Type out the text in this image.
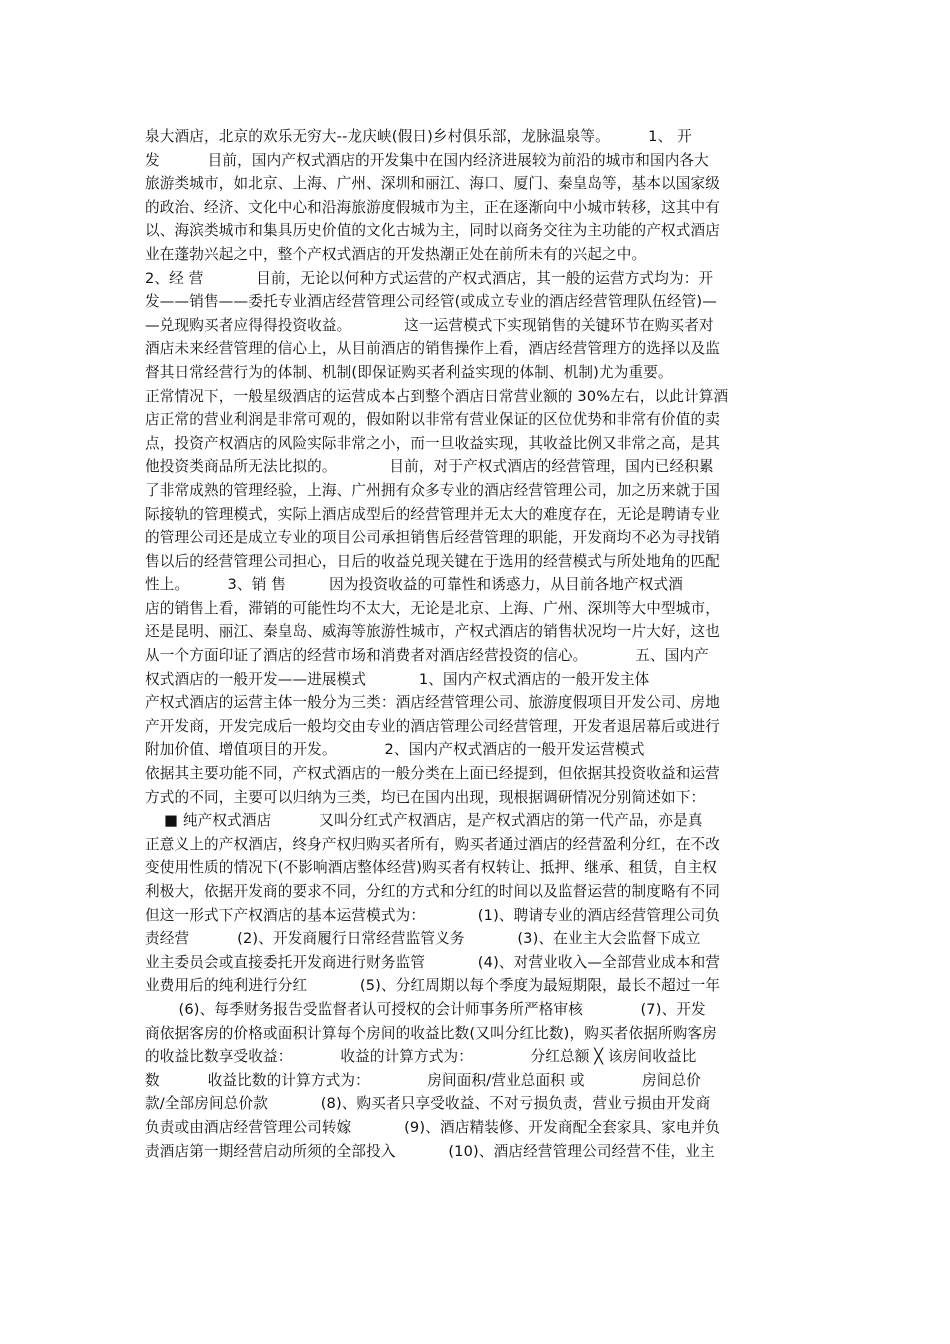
泉大酒店，北京的欢乐无穷大--龙庆峡(假日)乡村俱乐部，龙脉温泉等。        1、 开
发          目前，国内产权式酒店的开发集中在国内经济进展较为前沿的城市和国内各大
旅游类城市，如北京、上海、广州、深圳和丽江、海口、厦门、秦皇岛等，基本以国家级
的政治、经济、文化中心和沿海旅游度假城市为主，正在逐渐向中小城市转移，这其中有
以、海滨类城市和集具历史价值的文化古城为主，同时以商务交往为主功能的产权式酒店
业在蓬勃兴起之中，整个产权式酒店的开发热潮正处在前所未有的兴起之中。
2、经 营           目前，无论以何种方式运营的产权式酒店，其一般的运营方式均为：开
发——销售——委托专业酒店经营管理公司经管(或成立专业的酒店经营管理队伍经管)—
—兑现购买者应得得投资收益。           这一运营模式下实现销售的关键环节在购买者对
酒店未来经营管理的信心上，从目前酒店的销售操作上看，酒店经营管理方的选择以及监
督其日常经营行为的体制、机制(即保证购买者利益实现的体制、机制)尤为重要。
正常情况下，一般星级酒店的运营成本占到整个酒店日常营业额的 30%左右，以此计算酒
店正常的营业利润是非常可观的，假如附以非常有营业保证的区位优势和非常有价值的卖
点，投资产权酒店的风险实际非常之小，而一旦收益实现，其收益比例又非常之高，是其
他投资类商品所无法比拟的。           目前，对于产权式酒店的经营管理，国内已经积累
了非常成熟的管理经验，上海、广州拥有众多专业的酒店经营管理公司，加之历来就于国
际接轨的管理模式，实际上酒店成型后的经营管理并无太大的难度存在，无论是聘请专业
的管理公司还是成立专业的项目公司承担销售后经营管理的职能，开发商均不必为寻找销
售以后的经营管理公司担心，日后的收益兑现关键在于选用的经营模式与所处地角的匹配
性上。        3、销 售         因为投资收益的可靠性和诱惑力，从目前各地产权式酒
店的销售上看，滞销的可能性均不太大，无论是北京、上海、广州、深圳等大中型城市，
还是昆明、丽江、秦皇岛、威海等旅游性城市，产权式酒店的销售状况均一片大好，这也
从一个方面印证了酒店的经营市场和消费者对酒店经营投资的信心。          五、国内产
权式酒店的一般开发——进展模式           1、国内产权式酒店的一般开发主体
产权式酒店的运营主体一般分为三类：酒店经营管理公司、旅游度假项目开发公司、房地
产开发商，开发完成后一般均交由专业的酒店管理公司经营管理，开发者退居幕后或进行
附加价值、增值项目的开发。          2、国内产权式酒店的一般开发运营模式
依据其主要功能不同，产权式酒店的一般分类在上面已经提到，但依据其投资收益和运营
方式的不同，主要可以归纳为三类，均已在国内出现，现根据调研情况分别简述如下：
■ 纯产权式酒店          又叫分红式产权酒店，是产权式酒店的第一代产品，亦是真
正意义上的产权酒店，终身产权归购买者所有，购买者通过酒店的经营盈利分红，在不改
变使用性质的情况下(不影响酒店整体经营)购买者有权转让、抵押、继承、租赁，自主权
利极大，依据开发商的要求不同，分红的方式和分红的时间以及监督运营的制度略有不同
但这一形式下产权酒店的基本运营模式为：           (1)、聘请专业的酒店经营管理公司负
责经营          (2)、开发商履行日常经营监管义务           (3)、在业主大会监督下成立
业主委员会或直接委托开发商进行财务监管           (4)、对营业收入—全部营业成本和营
业费用后的纯利进行分红           (5)、分红周期以每个季度为最短期限，最长不超过一年
(6)、每季财务报告受监督者认可授权的会计师事务所严格审核            (7)、开发
商依据客房的价格或面积计算每个房间的收益比数(又叫分红比数)，购买者依据所购客房
的收益比数享受收益：          收益的计算方式为：            分红总额 ╳ 该房间收益比
数          收益比数的计算方式为：            房间面积/营业总面积 或            房间总价
款/全部房间总价款           (8)、购买者只享受收益、不对亏损负责，营业亏损由开发商
负责或由酒店经营管理公司转嫁           (9)、酒店精装修、开发商配全套家具、家电并负
责酒店第一期经营启动所须的全部投入           (10)、酒店经营管理公司经营不佳，业主
